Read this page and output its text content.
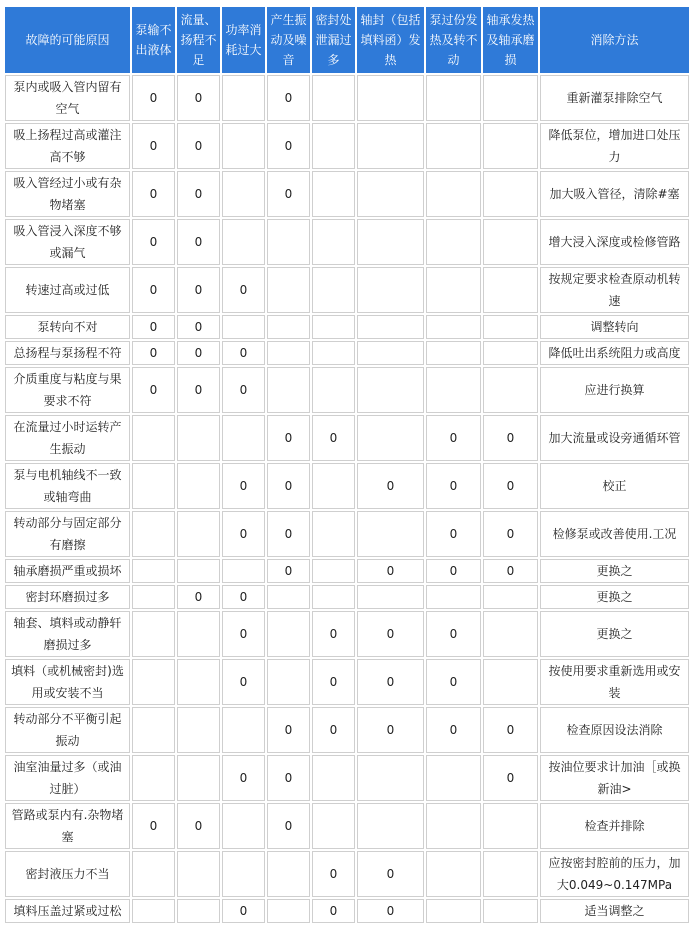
故障的可能原因	泵输不出液体	流量、扬程不足	功率消耗过大	产生振动及噪音	密封处泄漏过多	轴封（包括填料函）发热	泵过份发热及转不动	轴承发热及轴承磨损	消除方法
泵内或吸入管内留有空气	0	0		0					重新灌泵排除空气
吸上扬程过高或灌注高不够	0	0		0					降低泵位，增加进口处压力
吸入管经过小或有杂物堵塞	0	0		0					加大吸入管径，清除#塞
吸入管浸入深度不够或漏气	0	0							增大浸入深度或检修管路
转速过高或过低	0	0	0						按规定要求检查原动机转速
泵转向不对	0	0							调整转向
总扬程与泵扬程不符	0	0	0						降低吐出系统阻力或高度
介质重度与粘度与果要求不符	0	0	0						应进行换算
在流量过小时运转产生振动				0	0		0	0	加大流量或设旁通循环管
泵与电机轴线不一致或轴弯曲			0	0		0	0	0	校正
转动部分与固定部分有磨擦			0	0			0	0	检修泵或改善使用.工况
轴承磨损严重或损坏				0		0	0	0	更换之
密封环磨损过多		0	0						更换之
轴套、填料或动静轩磨损过多			0		0	0	0		更换之
填料（或机械密封)选用或安装不当			0		0	0	0		按使用要求重新选用或安装
转动部分不平衡引起振动				0	0	0	0	0	检查原因设法消除
油室油量过多（或油过脏）			0	0				0	按油位要求计加油［或换新油>
管路或泵内有.杂物堵塞	0	0		0					检查并排除
密封液压力不当					0	0			应按密封腔前的压力，加大0.049~0.147MPa
填料压盖过紧或过松			0		0	0			适当调整之
